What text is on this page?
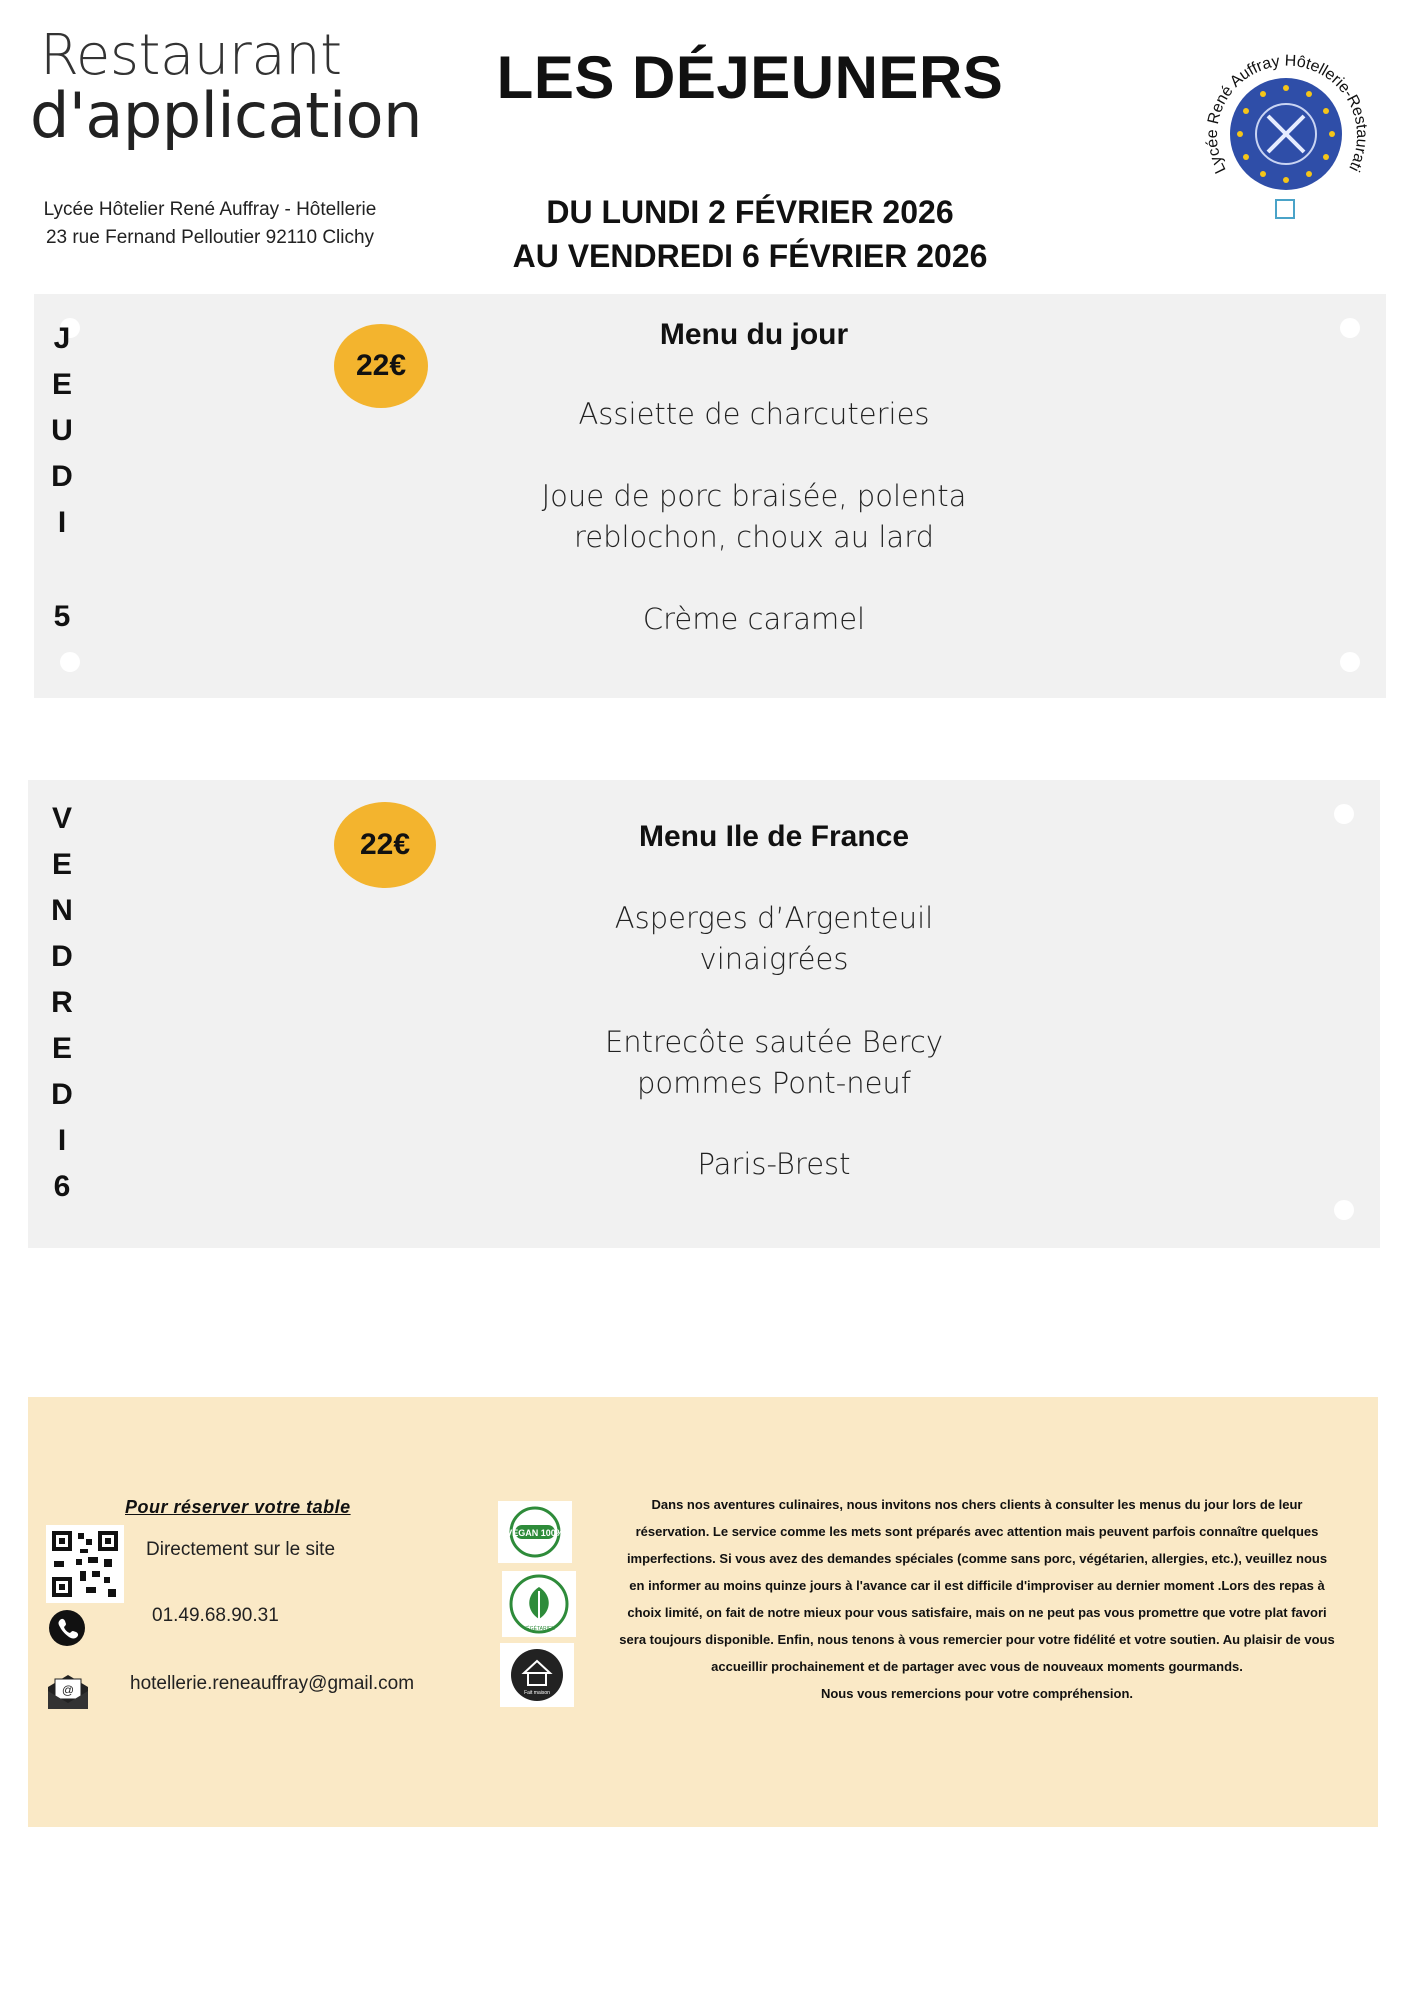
Restaurant
d'application
Lycée Hôtelier René Auffray - Hôtellerie
23 rue Fernand Pelloutier 92110 Clichy
LES DÉJEUNERS
DU LUNDI 2 FÉVRIER 2026
AU VENDREDI 6 FÉVRIER 2026
Lycée René Auffray Hôtellerie-Restaurati
J
E
U
D
I
5
22€
Menu du jour
Assiette de charcuteries
Joue de porc braisée, polenta
reblochon, choux au lard
Crème caramel
V
E
N
D
R
E
D
I
6
22€	Menu Ile de France
Asperges d’Argenteuil
vinaigrées
Entrecôte sautée Bercy
pommes Pont-neuf
Paris-Brest
Pour réserver votre table
Directement sur le site
01.49.68.90.31
@	hotellerie.reneauffray@gmail.com
VEGAN 100%
VÉGÉTARIEN
Fait maison
Dans nos aventures culinaires, nous invitons nos chers clients à consulter les menus du jour lors de leur
réservation. Le service comme les mets sont préparés avec attention mais peuvent parfois connaître quelques
imperfections. Si vous avez des demandes spéciales (comme sans porc, végétarien, allergies, etc.), veuillez nous
en informer au moins quinze jours à l'avance car il est difficile d'improviser au dernier moment .Lors des repas à
choix limité, on fait de notre mieux pour vous satisfaire, mais on ne peut pas vous promettre que votre plat favori
sera toujours disponible. Enfin, nous tenons à vous remercier pour votre fidélité et votre soutien. Au plaisir de vous
accueillir prochainement et de partager avec vous de nouveaux moments gourmands.
Nous vous remercions pour votre compréhension.
